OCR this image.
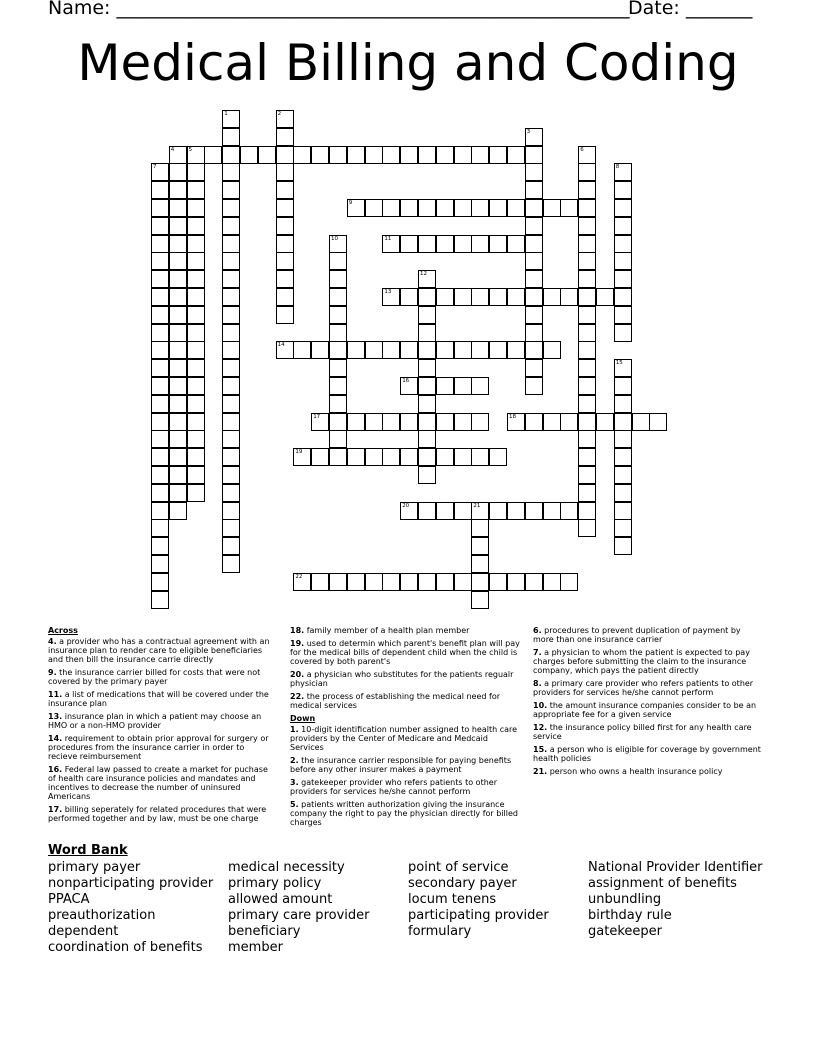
Name: ______________________________________________________
Date: _______
Medical Billing and Coding
1	2
3
4	5	6
7	8
9
10	11
12
13
14
15
16
17	18
19
20	21
22
Across
4. a provider who has a contractual agreement with an insurance plan to render care to eligible beneficiaries and then bill the insurance carrie directly
9. the insurance carrier billed for costs that were not covered by the primary payer
11. a list of medications that will be covered under the insurance plan
13. insurance plan in which a patient may choose an HMO or a non-HMO provider
14. requirement to obtain prior approval for surgery or procedures from the insurance carrier in order to recieve reimbursement
16. Federal law passed to create a market for puchase of health care insurance policies and mandates and incentives to decrease the number of uninsured Americans
17. billing seperately for related procedures that were performed together and by law, must be one charge
18. family member of a health plan member
19. used to determin which parent's benefit plan will pay for the medical bills of dependent child when the child is covered by both parent's
20. a physician who substitutes for the patients regualr physician
22. the process of establishing the medical need for medical services
Down
1. 10-digit identification number assigned to health care providers by the Center of Medicare and Medcaid Services
2. the insurance carrier responsible for paying benefits before any other insurer makes a payment
3. gatekeeper provider who refers patients to other providers for services he/she cannot perform
5. patients written authorization giving the insurance company the right to pay the physician directly for billed charges
6. procedures to prevent duplication of payment by more than one insurance carrier
7. a physician to whom the patient is expected to pay charges before submitting the claim to the insurance company, which pays the patient directly
8. a primary care provider who refers patients to other providers for services he/she cannot perform
10. the amount insurance companies consider to be an appropriate fee for a given service
12. the insurance policy billed first for any health care service
15. a person who is eligible for coverage by government health policies
21. person who owns a health insurance policy
Word Bank
primary payer
nonparticipating provider
PPACA
preauthorization
dependent
coordination of benefits
medical necessity
primary policy
allowed amount
primary care provider
beneficiary
member
point of service
secondary payer
locum tenens
participating provider
formulary
National Provider Identifier
assignment of benefits
unbundling
birthday rule
gatekeeper
